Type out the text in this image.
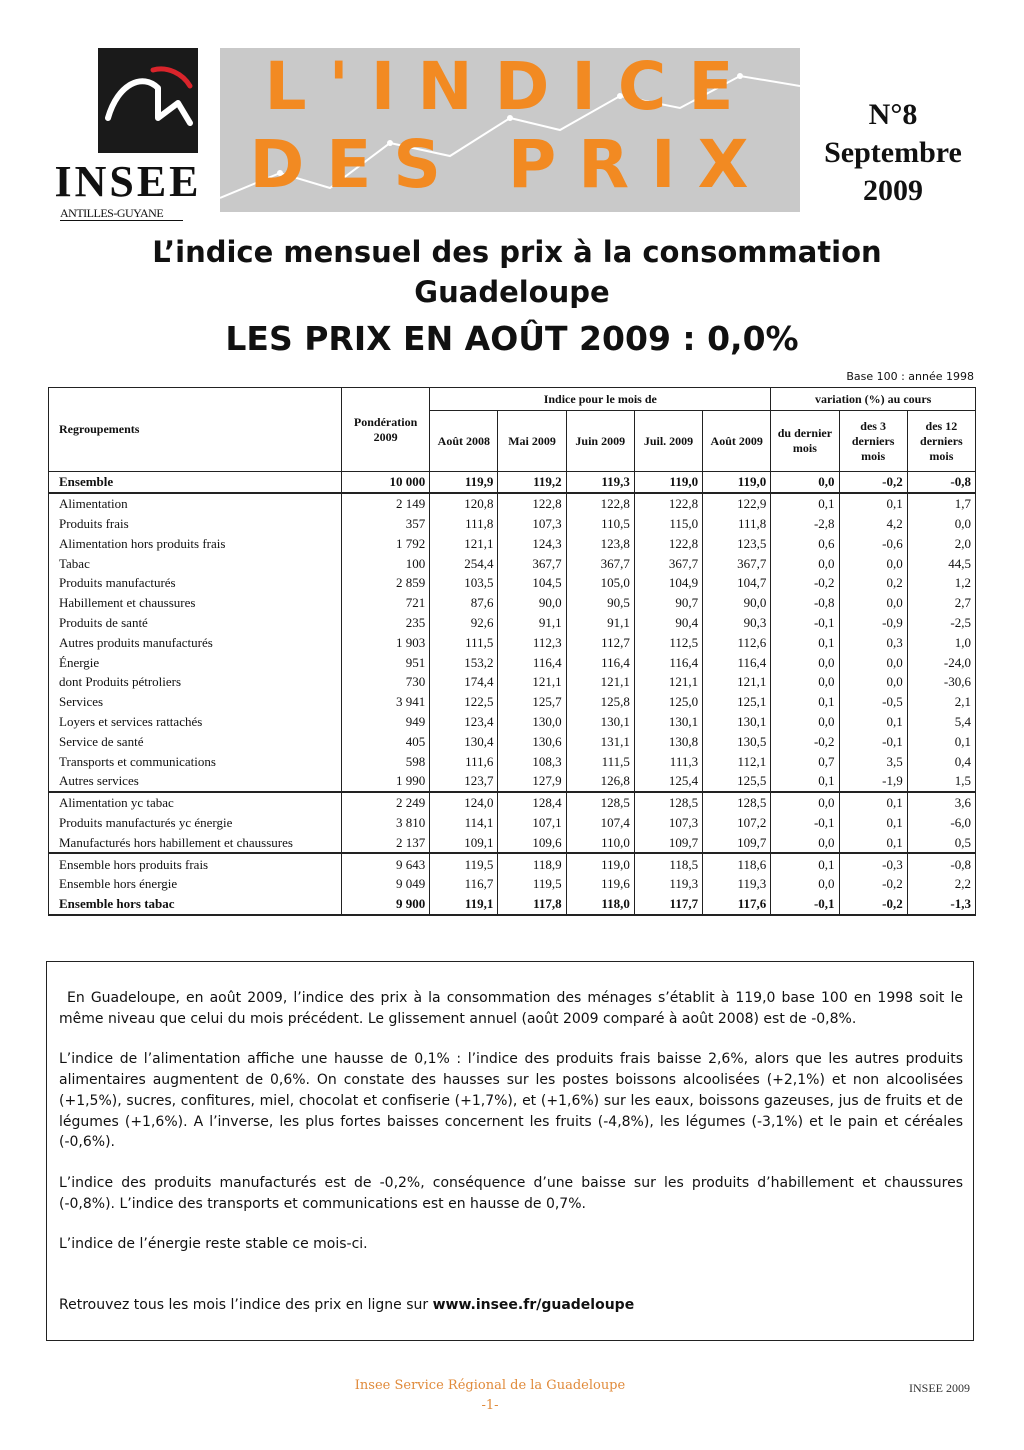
INSEE
ANTILLES-GUYANE
L'INDICE
DES PRIX
N°8
Septembre
2009
L’indice mensuel des prix à la consommation
Guadeloupe
LES PRIX EN AOÛT 2009 : 0,0%
Base 100 : année 1998
Regroupements	Pondération 2009	Indice pour le mois de					variation (%) au cours		
		Août 2008	Mai 2009	Juin 2009	Juil. 2009	Août 2009	du dernier mois	des 3 derniers mois	des 12 derniers mois
Ensemble	10 000	119,9	119,2	119,3	119,0	119,0	0,0	-0,2	-0,8
Alimentation	2 149	120,8	122,8	122,8	122,8	122,9	0,1	0,1	1,7
Produits frais	357	111,8	107,3	110,5	115,0	111,8	-2,8	4,2	0,0
Alimentation hors produits frais	1 792	121,1	124,3	123,8	122,8	123,5	0,6	-0,6	2,0
Tabac	100	254,4	367,7	367,7	367,7	367,7	0,0	0,0	44,5
Produits manufacturés	2 859	103,5	104,5	105,0	104,9	104,7	-0,2	0,2	1,2
Habillement et chaussures	721	87,6	90,0	90,5	90,7	90,0	-0,8	0,0	2,7
Produits de santé	235	92,6	91,1	91,1	90,4	90,3	-0,1	-0,9	-2,5
Autres produits manufacturés	1 903	111,5	112,3	112,7	112,5	112,6	0,1	0,3	1,0
Énergie	951	153,2	116,4	116,4	116,4	116,4	0,0	0,0	-24,0
dont Produits pétroliers	730	174,4	121,1	121,1	121,1	121,1	0,0	0,0	-30,6
Services	3 941	122,5	125,7	125,8	125,0	125,1	0,1	-0,5	2,1
Loyers et services rattachés	949	123,4	130,0	130,1	130,1	130,1	0,0	0,1	5,4
Service de santé	405	130,4	130,6	131,1	130,8	130,5	-0,2	-0,1	0,1
Transports et communications	598	111,6	108,3	111,5	111,3	112,1	0,7	3,5	0,4
Autres services	1 990	123,7	127,9	126,8	125,4	125,5	0,1	-1,9	1,5
Alimentation yc tabac	2 249	124,0	128,4	128,5	128,5	128,5	0,0	0,1	3,6
Produits manufacturés yc énergie	3 810	114,1	107,1	107,4	107,3	107,2	-0,1	0,1	-6,0
Manufacturés hors habillement et chaussures	2 137	109,1	109,6	110,0	109,7	109,7	0,0	0,1	0,5
Ensemble hors produits frais	9 643	119,5	118,9	119,0	118,5	118,6	0,1	-0,3	-0,8
Ensemble hors énergie	9 049	116,7	119,5	119,6	119,3	119,3	0,0	-0,2	2,2
Ensemble hors tabac	9 900	119,1	117,8	118,0	117,7	117,6	-0,1	-0,2	-1,3

En Guadeloupe, en août 2009, l’indice des prix à la consommation des ménages s’établit à 119,0 base 100 en 1998 soit le même niveau que celui du mois précédent. Le glissement annuel (août 2009 comparé à août 2008) est de -0,8%.

L’indice de l’alimentation affiche une hausse de 0,1% : l’indice des produits frais baisse 2,6%, alors que les autres produits alimentaires augmentent de 0,6%. On constate des hausses sur les postes boissons alcoolisées (+2,1%) et non alcoolisées (+1,5%), sucres, confitures, miel, chocolat et confiserie (+1,7%), et (+1,6%) sur les eaux, boissons gazeuses, jus de fruits et de légumes (+1,6%). A l’inverse, les plus fortes baisses concernent les fruits (-4,8%), les légumes (-3,1%) et le pain et céréales (-0,6%).

L’indice des produits manufacturés est de -0,2%, conséquence d’une baisse sur les produits d’habillement et chaussures (-0,8%). L’indice des transports et communications est en hausse de 0,7%.

L’indice de l’énergie reste stable ce mois-ci.

Retrouvez tous les mois l’indice des prix en ligne sur www.insee.fr/guadeloupe

Insee Service Régional de la Guadeloupe
-1-
INSEE 2009
